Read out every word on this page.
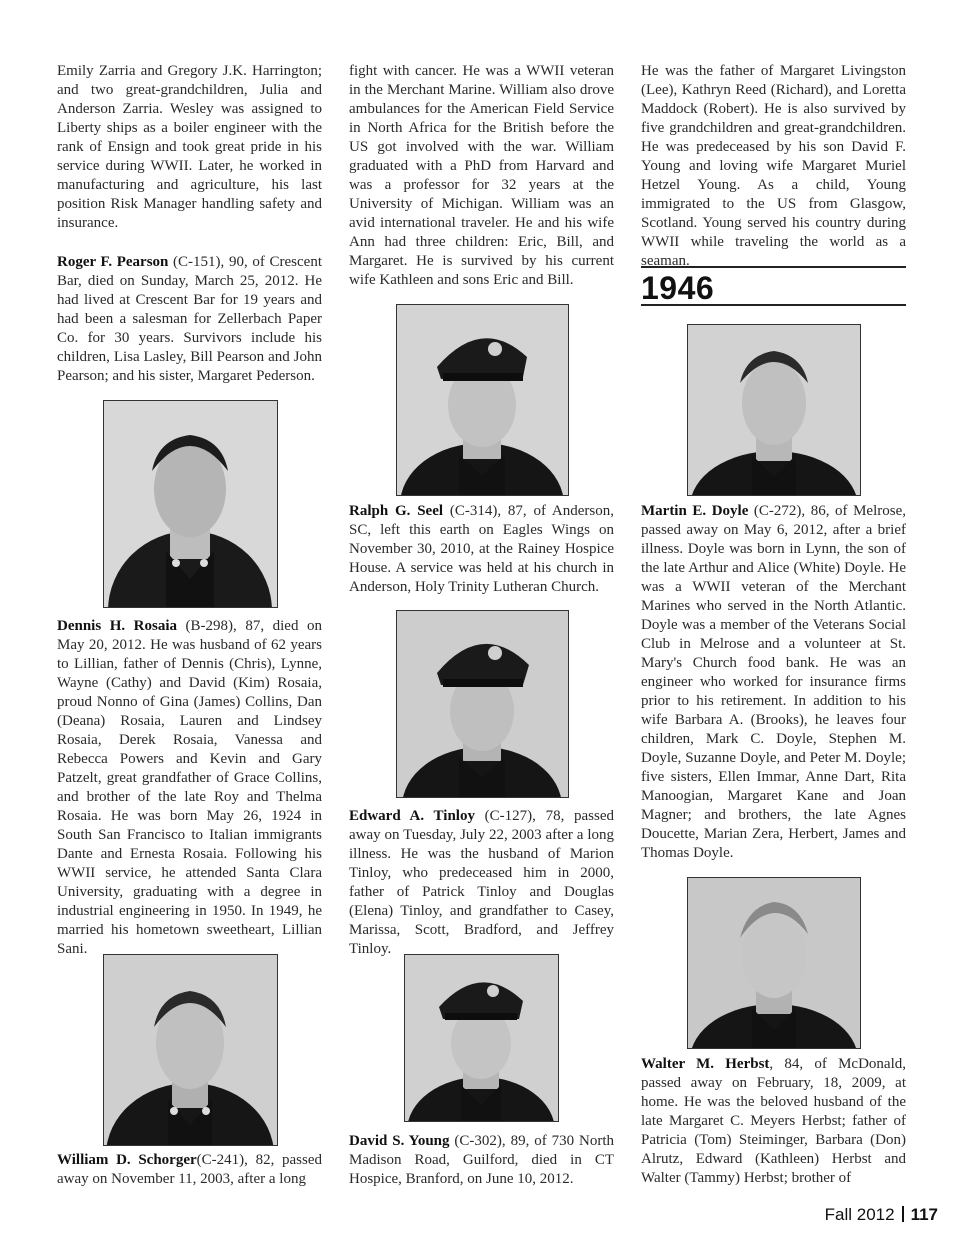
Emily Zarria and Gregory J.K. Harrington; and two great-grandchildren, Julia and Anderson Zarria. Wesley was assigned to Liberty ships as a boiler engineer with the rank of Ensign and took great pride in his service during WWII. Later, he worked in manufacturing and agriculture, his last position Risk Manager handling safety and insurance.

Roger F. Pearson (C-151), 90, of Crescent Bar, died on Sunday, March 25, 2012. He had lived at Crescent Bar for 19 years and had been a salesman for Zellerbach Paper Co. for 30 years. Survivors include his children, Lisa Lasley, Bill Pearson and John Pearson; and his sister, Margaret Pederson.

Dennis H. Rosaia (B-298), 87, died on May 20, 2012. He was husband of 62 years to Lillian, father of Dennis (Chris), Lynne, Wayne (Cathy) and David (Kim) Rosaia, proud Nonno of Gina (James) Collins, Dan (Deana) Rosaia, Lauren and Lindsey Rosaia, Derek Rosaia, Vanessa and Rebecca Powers and Kevin and Gary Patzelt, great grandfather of Grace Collins, and brother of the late Roy and Thelma Rosaia. He was born May 26, 1924 in South San Francisco to Italian immigrants Dante and Ernesta Rosaia. Following his WWII service, he attended Santa Clara University, graduating with a degree in industrial engineering in 1950. In 1949, he married his hometown sweetheart, Lillian Sani.

William D. Schorger(C-241), 82, passed away on November 11, 2003, after a long

fight with cancer. He was a WWII veteran in the Merchant Marine. William also drove ambulances for the American Field Service in North Africa for the British before the US got involved with the war. William graduated with a PhD from Harvard and was a professor for 32 years at the University of Michigan. William was an avid international traveler. He and his wife Ann had three children: Eric, Bill, and Margaret. He is survived by his current wife Kathleen and sons Eric and Bill.

Ralph G. Seel (C-314), 87, of Anderson, SC, left this earth on Eagles Wings on November 30, 2010, at the Rainey Hospice House. A service was held at his church in Anderson, Holy Trinity Lutheran Church.

Edward A. Tinloy (C-127), 78, passed away on Tuesday, July 22, 2003 after a long illness. He was the husband of Marion Tinloy, who predeceased him in 2000, father of Patrick Tinloy and Douglas (Elena) Tinloy, and grandfather to Casey, Marissa, Scott, Bradford, and Jeffrey Tinloy.

David S. Young (C-302), 89, of 730 North Madison Road, Guilford, died in CT Hospice, Branford, on June 10, 2012.

He was the father of Margaret Livingston (Lee), Kathryn Reed (Richard), and Loretta Maddock (Robert). He is also survived by five grandchildren and great-grandchildren. He was predeceased by his son David F. Young and loving wife Margaret Muriel Hetzel Young. As a child, Young immigrated to the US from Glasgow, Scotland. Young served his country during WWII while traveling the world as a seaman.

1946

Martin E. Doyle (C-272), 86, of Melrose, passed away on May 6, 2012, after a brief illness. Doyle was born in Lynn, the son of the late Arthur and Alice (White) Doyle. He was a WWII veteran of the Merchant Marines who served in the North Atlantic. Doyle was a member of the Veterans Social Club in Melrose and a volunteer at St. Mary's Church food bank. He was an engineer who worked for insurance firms prior to his retirement. In addition to his wife Barbara A. (Brooks), he leaves four children, Mark C. Doyle, Stephen M. Doyle, Suzanne Doyle, and Peter M. Doyle; five sisters, Ellen Immar, Anne Dart, Rita Manoogian, Margaret Kane and Joan Magner; and brothers, the late Agnes Doucette, Marian Zera, Herbert, James and Thomas Doyle.

Walter M. Herbst, 84, of McDonald, passed away on February, 18, 2009, at home. He was the beloved husband of the late Margaret C. Meyers Herbst; father of Patricia (Tom) Steiminger, Barbara (Don) Alrutz, Edward (Kathleen) Herbst and Walter (Tammy) Herbst; brother of

Fall 2012 117
